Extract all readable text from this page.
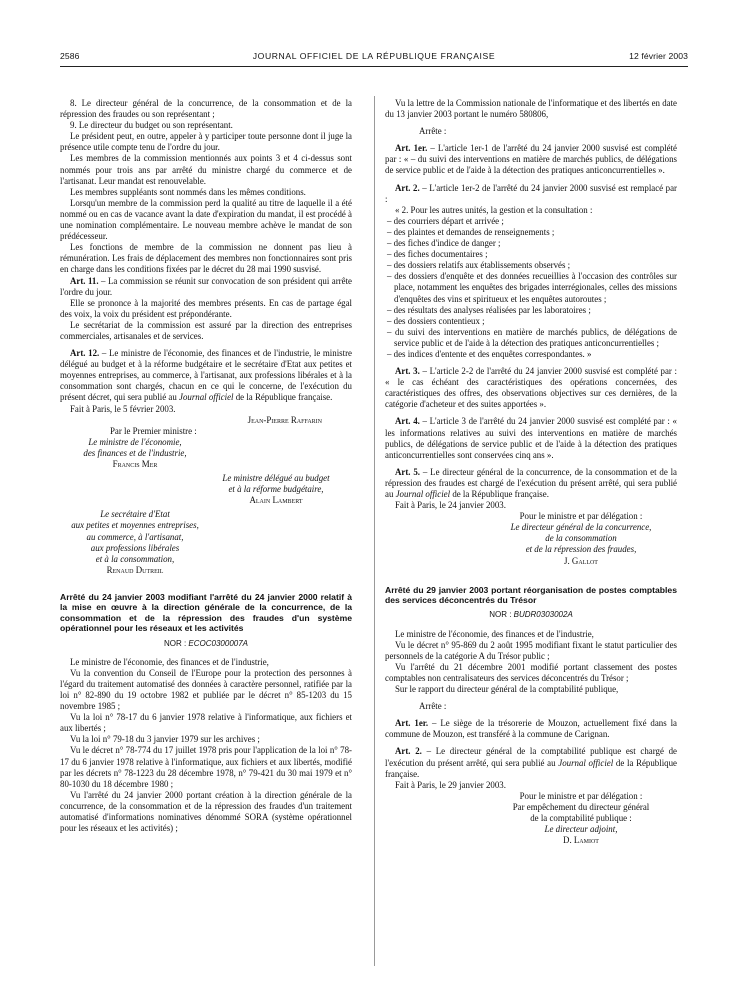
2586	JOURNAL OFFICIEL DE LA RÉPUBLIQUE FRANÇAISE	12 février 2003

8. Le directeur général de la concurrence, de la consommation et de la répression des fraudes ou son représentant ;

9. Le directeur du budget ou son représentant.

Le président peut, en outre, appeler à y participer toute personne dont il juge la présence utile compte tenu de l'ordre du jour.

Les membres de la commission mentionnés aux points 3 et 4 ci-dessus sont nommés pour trois ans par arrêté du ministre chargé du commerce et de l'artisanat. Leur mandat est renouvelable.

Les membres suppléants sont nommés dans les mêmes conditions.

Lorsqu'un membre de la commission perd la qualité au titre de laquelle il a été nommé ou en cas de vacance avant la date d'expiration du mandat, il est procédé à une nomination complémentaire. Le nouveau membre achève le mandat de son prédécesseur.

Les fonctions de membre de la commission ne donnent pas lieu à rémunération. Les frais de déplacement des membres non fonctionnaires sont pris en charge dans les conditions fixées par le décret du 28 mai 1990 susvisé.

Art. 11. – La commission se réunit sur convocation de son président qui arrête l'ordre du jour.

Elle se prononce à la majorité des membres présents. En cas de partage égal des voix, la voix du président est prépondérante.

Le secrétariat de la commission est assuré par la direction des entreprises commerciales, artisanales et de services.

Art. 12. – Le ministre de l'économie, des finances et de l'industrie, le ministre délégué au budget et à la réforme budgétaire et le secrétaire d'Etat aux petites et moyennes entreprises, au commerce, à l'artisanat, aux professions libérales et à la consommation sont chargés, chacun en ce qui le concerne, de l'exécution du présent décret, qui sera publié au Journal officiel de la République française.

Fait à Paris, le 5 février 2003.

Jean-Pierre Raffarin

Par le Premier ministre :

Le ministre de l'économie,

des finances et de l'industrie,

Francis Mer

Le ministre délégué au budget

et à la réforme budgétaire,

Alain Lambert

Le secrétaire d'Etat

aux petites et moyennes entreprises,

au commerce, à l'artisanat,

aux professions libérales

et à la consommation,

Renaud Dutreil

Arrêté du 24 janvier 2003 modifiant l'arrêté du 24 janvier 2000 relatif à la mise en œuvre à la direction générale de la concurrence, de la consommation et de la répression des fraudes d'un système opérationnel pour les réseaux et les activités

NOR : ECOC0300007A

Le ministre de l'économie, des finances et de l'industrie,

Vu la convention du Conseil de l'Europe pour la protection des personnes à l'égard du traitement automatisé des données à caractère personnel, ratifiée par la loi n° 82-890 du 19 octobre 1982 et publiée par le décret n° 85-1203 du 15 novembre 1985 ;

Vu la loi n° 78-17 du 6 janvier 1978 relative à l'informatique, aux fichiers et aux libertés ;

Vu la loi n° 79-18 du 3 janvier 1979 sur les archives ;

Vu le décret n° 78-774 du 17 juillet 1978 pris pour l'application de la loi n° 78-17 du 6 janvier 1978 relative à l'informatique, aux fichiers et aux libertés, modifié par les décrets n° 78-1223 du 28 décembre 1978, n° 79-421 du 30 mai 1979 et n° 80-1030 du 18 décembre 1980 ;

Vu l'arrêté du 24 janvier 2000 portant création à la direction générale de la concurrence, de la consommation et de la répression des fraudes d'un traitement automatisé d'informations nominatives dénommé SORA (système opérationnel pour les réseaux et les activités) ;

Vu la lettre de la Commission nationale de l'informatique et des libertés en date du 13 janvier 2003 portant le numéro 580806,

Arrête :

Art. 1er. – L'article 1er-1 de l'arrêté du 24 janvier 2000 susvisé est complété par : « – du suivi des interventions en matière de marchés publics, de délégations de service public et de l'aide à la détection des pratiques anticoncurrentielles ».

Art. 2. – L'article 1er-2 de l'arrêté du 24 janvier 2000 susvisé est remplacé par :

« 2. Pour les autres unités, la gestion et la consultation :

– des courriers départ et arrivée ;
– des plaintes et demandes de renseignements ;
– des fiches d'indice de danger ;
– des fiches documentaires ;
– des dossiers relatifs aux établissements observés ;
– des dossiers d'enquête et des données recueillies à l'occasion des contrôles sur place, notamment les enquêtes des brigades interrégionales, celles des missions d'enquêtes des vins et spiritueux et les enquêtes autoroutes ;
– des résultats des analyses réalisées par les laboratoires ;
– des dossiers contentieux ;
– du suivi des interventions en matière de marchés publics, de délégations de service public et de l'aide à la détection des pratiques anticoncurrentielles ;
– des indices d'entente et des enquêtes correspondantes. »

Art. 3. – L'article 2-2 de l'arrêté du 24 janvier 2000 susvisé est complété par : « le cas échéant des caractéristiques des opérations concernées, des caractéristiques des offres, des observations objectives sur ces dernières, de la catégorie d'acheteur et des suites apportées ».

Art. 4. – L'article 3 de l'arrêté du 24 janvier 2000 susvisé est complété par : « les informations relatives au suivi des interventions en matière de marchés publics, de délégations de service public et de l'aide à la détection des pratiques anticoncurrentielles sont conservées cinq ans ».

Art. 5. – Le directeur général de la concurrence, de la consommation et de la répression des fraudes est chargé de l'exécution du présent arrêté, qui sera publié au Journal officiel de la République française.

Fait à Paris, le 24 janvier 2003.

Pour le ministre et par délégation :

Le directeur général de la concurrence,

de la consommation

et de la répression des fraudes,

J. Gallot

Arrêté du 29 janvier 2003 portant réorganisation de postes comptables des services déconcentrés du Trésor

NOR : BUDR0303002A

Le ministre de l'économie, des finances et de l'industrie,

Vu le décret n° 95-869 du 2 août 1995 modifiant fixant le statut particulier des personnels de la catégorie A du Trésor public ;

Vu l'arrêté du 21 décembre 2001 modifié portant classement des postes comptables non centralisateurs des services déconcentrés du Trésor ;

Sur le rapport du directeur général de la comptabilité publique,

Arrête :

Art. 1er. – Le siège de la trésorerie de Mouzon, actuellement fixé dans la commune de Mouzon, est transféré à la commune de Carignan.

Art. 2. – Le directeur général de la comptabilité publique est chargé de l'exécution du présent arrêté, qui sera publié au Journal officiel de la République française.

Fait à Paris, le 29 janvier 2003.

Pour le ministre et par délégation :

Par empêchement du directeur général

de la comptabilité publique :

Le directeur adjoint,

D. Lamiot
